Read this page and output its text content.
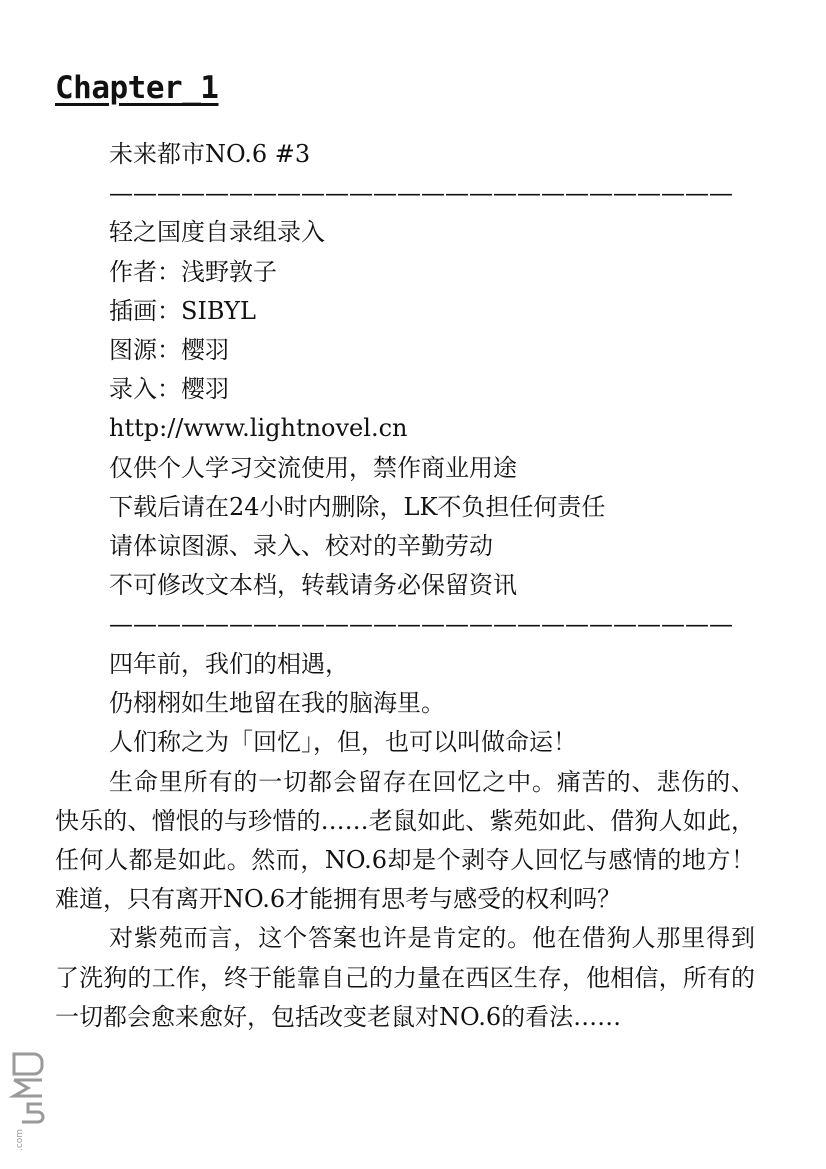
Chapter_1
未来都市NO.6 #3
——————————————————————————
轻之国度自录组录入
作者：浅野敦子
插画：SIBYL
图源：樱羽
录入：樱羽
http://www.lightnovel.cn
仅供个人学习交流使用，禁作商业用途
下载后请在24小时内删除，LK不负担任何责任
请体谅图源、录入、校对的辛勤劳动
不可修改文本档，转载请务必保留资讯
——————————————————————————

四年前，我们的相遇，

仍栩栩如生地留在我的脑海里。

人们称之为「回忆」，但，也可以叫做命运！

生命里所有的一切都会留存在回忆之中。痛苦的、悲伤的、快乐的、憎恨的与珍惜的……老鼠如此、紫苑如此、借狗人如此，任何人都是如此。然而，NO.6却是个剥夺人回忆与感情的地方！难道，只有离开NO.6才能拥有思考与感受的权利吗？

对紫苑而言，这个答案也许是肯定的。他在借狗人那里得到了洗狗的工作，终于能靠自己的力量在西区生存，他相信，所有的一切都会愈来愈好，包括改变老鼠对NO.6的看法……

.com
